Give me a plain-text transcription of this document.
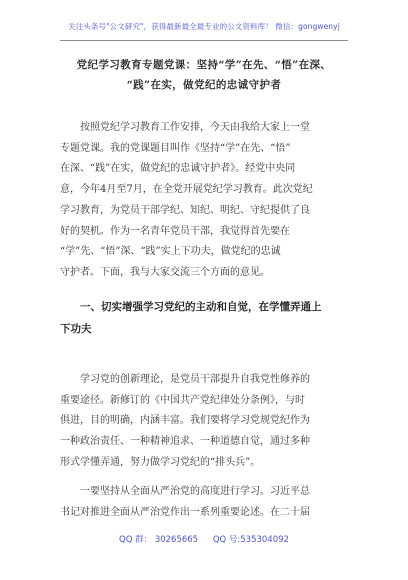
关注头条号"公文研究"，获得最新最全最专业的公文资料库！ 微信：gongwenyj
党纪学习教育专题党课：坚持“学”在先、“悟”在深、
“践”在实，做党纪的忠诚守护者
按照党纪学习教育工作安排，今天由我给大家上一堂
专题党课。我的党课题目叫作《坚持“学”在先、“悟”
在深、“践”在实，做党纪的忠诚守护者》。经党中央同
意，今年4月至7月，在全党开展党纪学习教育。此次党纪
学习教育，为党员干部学纪、知纪、明纪、守纪提供了良
好的契机。作为一名青年党员干部，我觉得首先要在
“学”先、“悟”深、“践”实上下功夫，做党纪的忠诚
守护者。下面，我与大家交流三个方面的意见。
一、切实增强学习党纪的主动和自觉，在学懂弄通上
下功夫
学习党的创新理论，是党员干部提升自我党性修养的
重要途径。新修订的《中国共产党纪律处分条例》，与时
俱进，目的明确，内涵丰富。我们要将学习党规党纪作为
一种政治责任、一种精神追求、一种道德自觉，通过多种
形式学懂弄通，努力做学习党纪的“排头兵”。
一要坚持从全面从严治党的高度进行学习。习近平总
书记对推进全面从严治党作出一系列重要论述。在二十届
QQ 群： 30265665 QQ 号:535304092
